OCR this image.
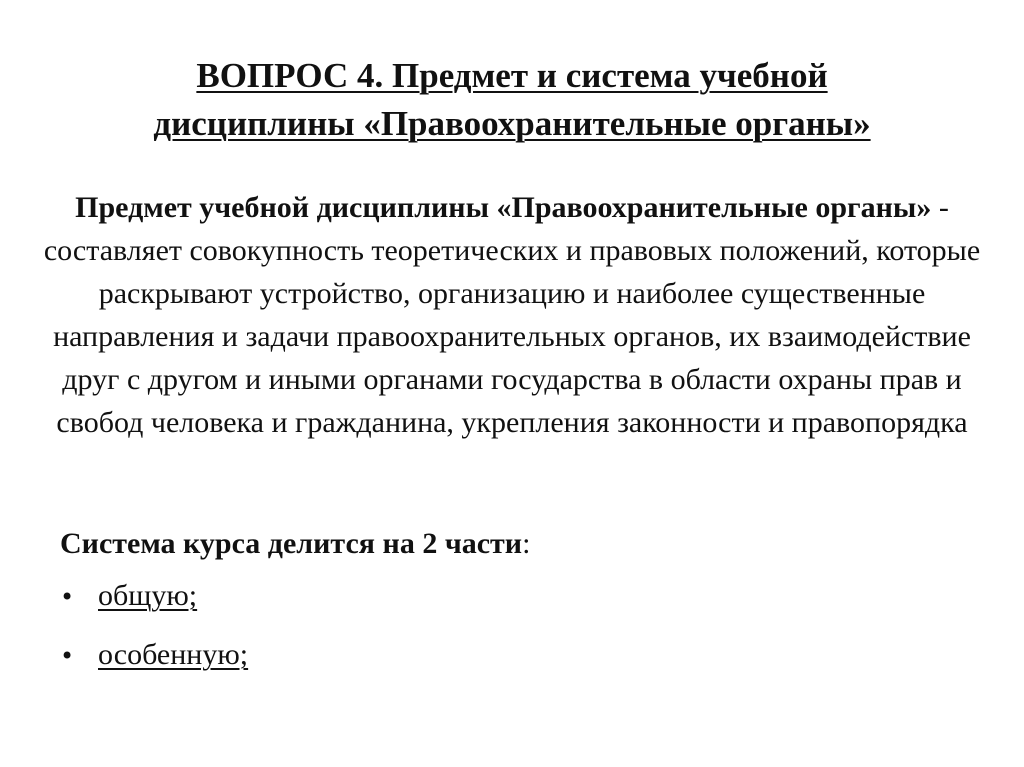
ВОПРОС 4. Предмет и система учебной
дисциплины «Правоохранительные органы»

Предмет учебной дисциплины «Правоохранительные органы» - составляет совокупность теоретических и правовых положений, которые раскрывают устройство, организацию и наиболее существенные направления и задачи правоохранительных органов, их взаимодействие друг с другом и иными органами государства в области охраны прав и свобод человека и гражданина, укрепления законности и правопорядка

Система курса делится на 2 части:

• общую;
• особенную;
